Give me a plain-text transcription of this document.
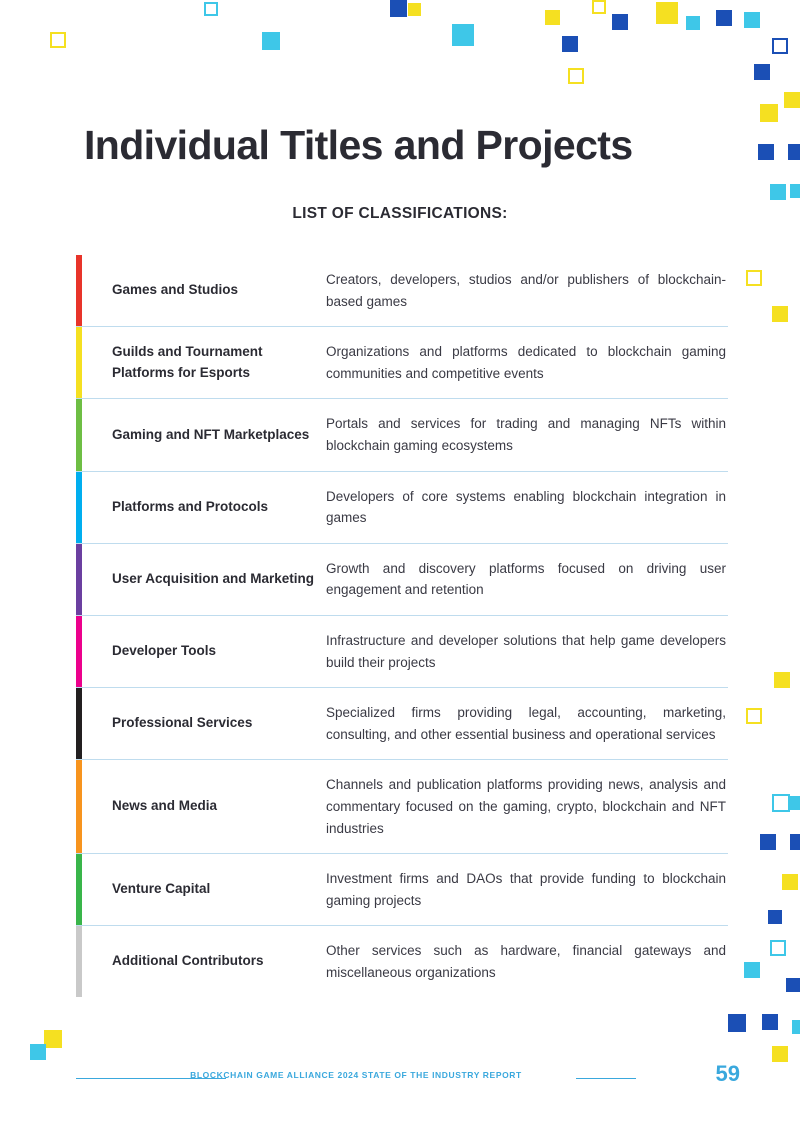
Individual Titles and Projects
LIST OF CLASSIFICATIONS:
Games and Studios
Creators, developers, studios and/or publishers of blockchain-based games
Guilds and Tournament Platforms for Esports
Organizations and platforms dedicated to blockchain gaming communities and competitive events
Gaming and NFT Marketplaces
Portals and services for trading and managing NFTs within blockchain gaming ecosystems
Platforms and Protocols
Developers of core systems enabling blockchain integration in games
User Acquisition and Marketing
Growth and discovery platforms focused on driving user engagement and retention
Developer Tools
Infrastructure and developer solutions that help game developers build their projects
Professional Services
Specialized firms providing legal, accounting, marketing, consulting, and other essential business and operational services
News and Media
Channels and publication platforms providing news, analysis and commentary focused on the gaming, crypto, blockchain and NFT industries
Venture Capital
Investment firms and DAOs that provide funding to blockchain gaming projects
Additional Contributors
Other services such as hardware, financial gateways and miscellaneous organizations
BLOCKCHAIN GAME ALLIANCE 2024 STATE OF THE INDUSTRY REPORT	59
